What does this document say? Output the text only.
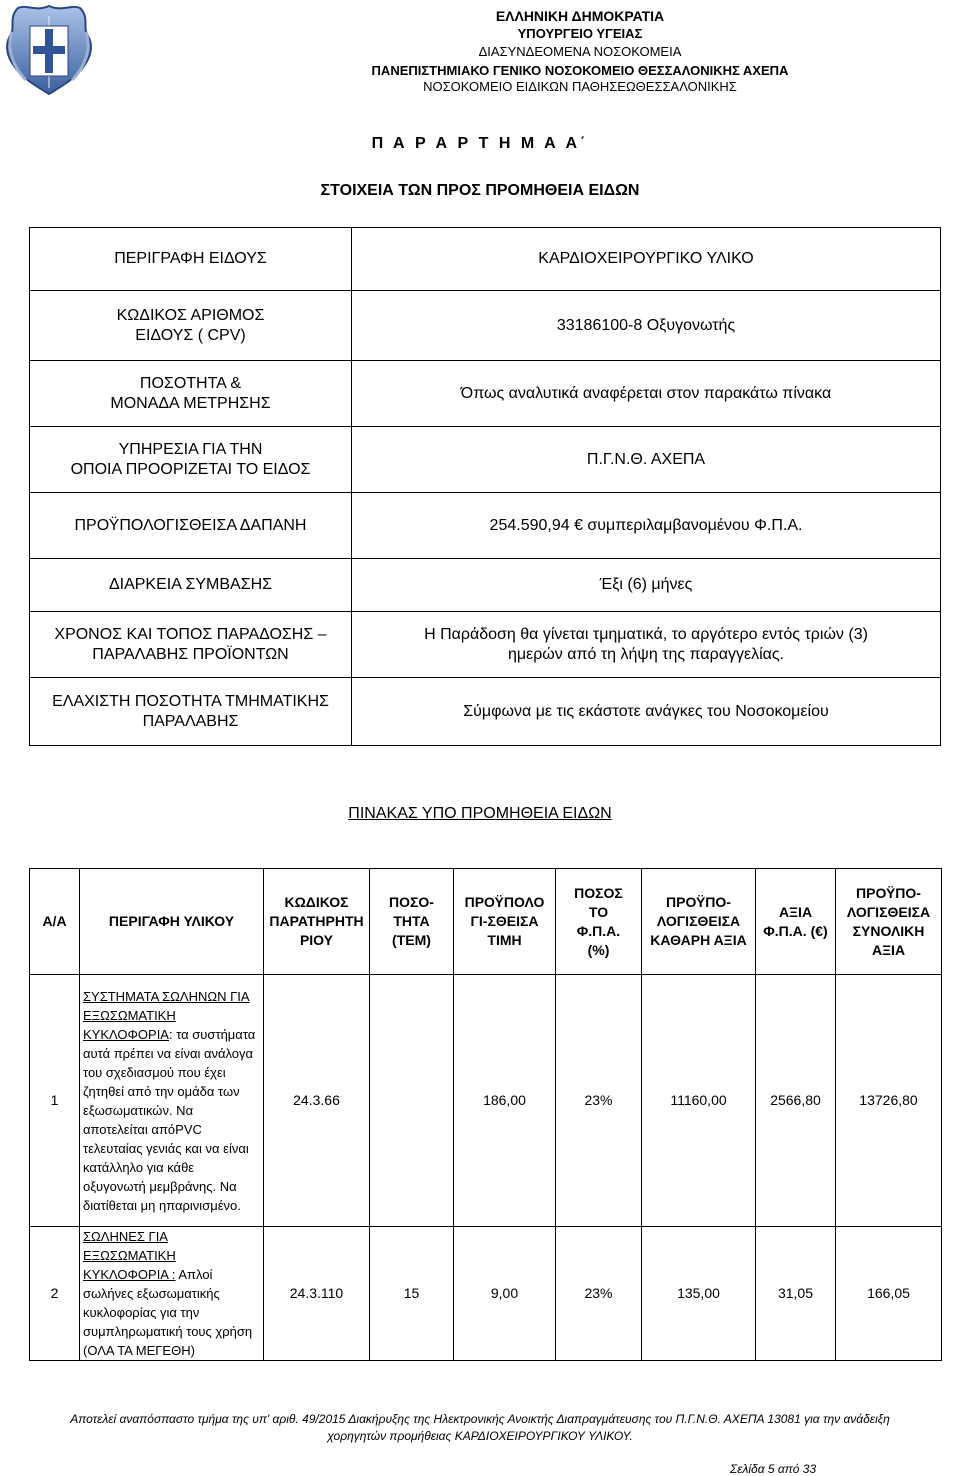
ΕΛΛΗΝΙΚΗ ΔΗΜΟΚΡΑΤΙΑ
ΥΠΟΥΡΓΕΙΟ ΥΓΕΙΑΣ
ΔΙΑΣΥΝΔΕΟΜΕΝΑ ΝΟΣΟΚΟΜΕΙΑ
ΠΑΝΕΠΙΣΤΗΜΙΑΚΟ ΓΕΝΙΚΟ ΝΟΣΟΚΟΜΕΙΟ ΘΕΣΣΑΛΟΝΙΚΗΣ ΑΧΕΠΑ
ΝΟΣΟΚΟΜΕΙΟ ΕΙΔΙΚΩΝ ΠΑΘΗΣΕΩΘΕΣΣΑΛΟΝΙΚΗΣ
Π Α Ρ Α Ρ Τ Η Μ Α Α΄
ΣΤΟΙΧΕΙΑ ΤΩΝ ΠΡΟΣ ΠΡΟΜΗΘΕΙΑ ΕΙΔΩΝ
ΠΕΡΙΓΡΑΦΗ ΕΙΔΟΥΣ	ΚΑΡΔΙΟΧΕΙΡΟΥΡΓΙΚΟ ΥΛΙΚΟ
ΚΩΔΙΚΟΣ ΑΡΙΘΜΟΣ
ΕΙΔΟΥΣ ( CPV)	33186100-8 Οξυγονωτής
ΠΟΣΟΤΗΤΑ &
ΜΟΝΑΔΑ ΜΕΤΡΗΣΗΣ	Όπως αναλυτικά αναφέρεται στον παρακάτω πίνακα
ΥΠΗΡΕΣΙΑ ΓΙΑ ΤΗΝ
ΟΠΟΙΑ ΠΡΟΟΡΙΖΕΤΑΙ ΤΟ ΕΙΔΟΣ	Π.Γ.Ν.Θ. ΑΧΕΠΑ
ΠΡΟΫΠΟΛΟΓΙΣΘΕΙΣΑ ΔΑΠΑΝΗ	254.590,94 € συμπεριλαμβανομένου Φ.Π.Α.
ΔΙΑΡΚΕΙΑ ΣΥΜΒΑΣΗΣ	Έξι (6) μήνες
ΧΡΟΝΟΣ ΚΑΙ ΤΟΠΟΣ ΠΑΡΑΔΟΣΗΣ –
ΠΑΡΑΛΑΒΗΣ ΠΡΟΪΟΝΤΩΝ	Η Παράδοση θα γίνεται τμηματικά, το αργότερο εντός τριών (3)
ημερών από τη λήψη της παραγγελίας.
ΕΛΑΧΙΣΤΗ ΠΟΣΟΤΗΤΑ ΤΜΗΜΑΤΙΚΗΣ
ΠΑΡΑΛΑΒΗΣ	Σύμφωνα με τις εκάστοτε ανάγκες του Νοσοκομείου
ΠΙΝΑΚΑΣ ΥΠΟ ΠΡΟΜΗΘΕΙΑ ΕΙΔΩΝ
Α/Α	ΠΕΡΙΓΑΦΗ ΥΛΙΚΟΥ	ΚΩΔΙΚΟΣ
ΠΑΡΑΤΗΡΗΤΗ
ΡΙΟΥ	ΠΟΣΟ-
ΤΗΤΑ
(ΤΕΜ)	ΠΡΟΫΠΟΛΟ
ΓΙ-ΣΘΕΙΣΑ
ΤΙΜΗ	ΠΟΣΟΣ
ΤΟ
Φ.Π.Α.
(%)	ΠΡΟΫΠΟ-
ΛΟΓΙΣΘΕΙΣΑ
ΚΑΘΑΡΗ ΑΞΙΑ	ΑΞΙΑ
Φ.Π.Α. (€)	ΠΡΟΫΠΟ-
ΛΟΓΙΣΘΕΙΣΑ
ΣΥΝΟΛΙΚΗ
ΑΞΙΑ
1	ΣΥΣΤΗΜΑΤΑ ΣΩΛΗΝΩΝ ΓΙΑ ΕΞΩΣΩΜΑΤΙΚΗ ΚΥΚΛΟΦΟΡΙΑ: τα συστήματα αυτά πρέπει να είναι ανάλογα του σχεδιασμού που έχει ζητηθεί από την ομάδα των εξωσωματικών. Να αποτελείται απόPVC τελευταίας γενιάς και να είναι κατάλληλο για κάθε οξυγονωτή μεμβράνης. Να διατίθεται μη ηπαρινισμένο.	24.3.66		186,00	23%	11160,00	2566,80	13726,80
2	ΣΩΛΗΝΕΣ ΓΙΑ ΕΞΩΣΩΜΑΤΙΚΗ ΚΥΚΛΟΦΟΡΙΑ : Απλοί σωλήνες εξωσωματικής κυκλοφορίας για την συμπληρωματική τους χρήση (ΟΛΑ ΤΑ ΜΕΓΕΘΗ)	24.3.110	15	9,00	23%	135,00	31,05	166,05
Αποτελεί αναπόσπαστο τμήμα της υπ' αριθ. 49/2015 Διακήρυξης της Ηλεκτρονικής Ανοικτής Διαπραγμάτευσης του Π.Γ.Ν.Θ. ΑΧΕΠΑ 13081 για την ανάδειξη
χορηγητών προμήθειας ΚΑΡΔΙΟΧΕΙΡΟΥΡΓΙΚΟΥ ΥΛΙΚΟΥ.
Σελίδα 5 από 33
